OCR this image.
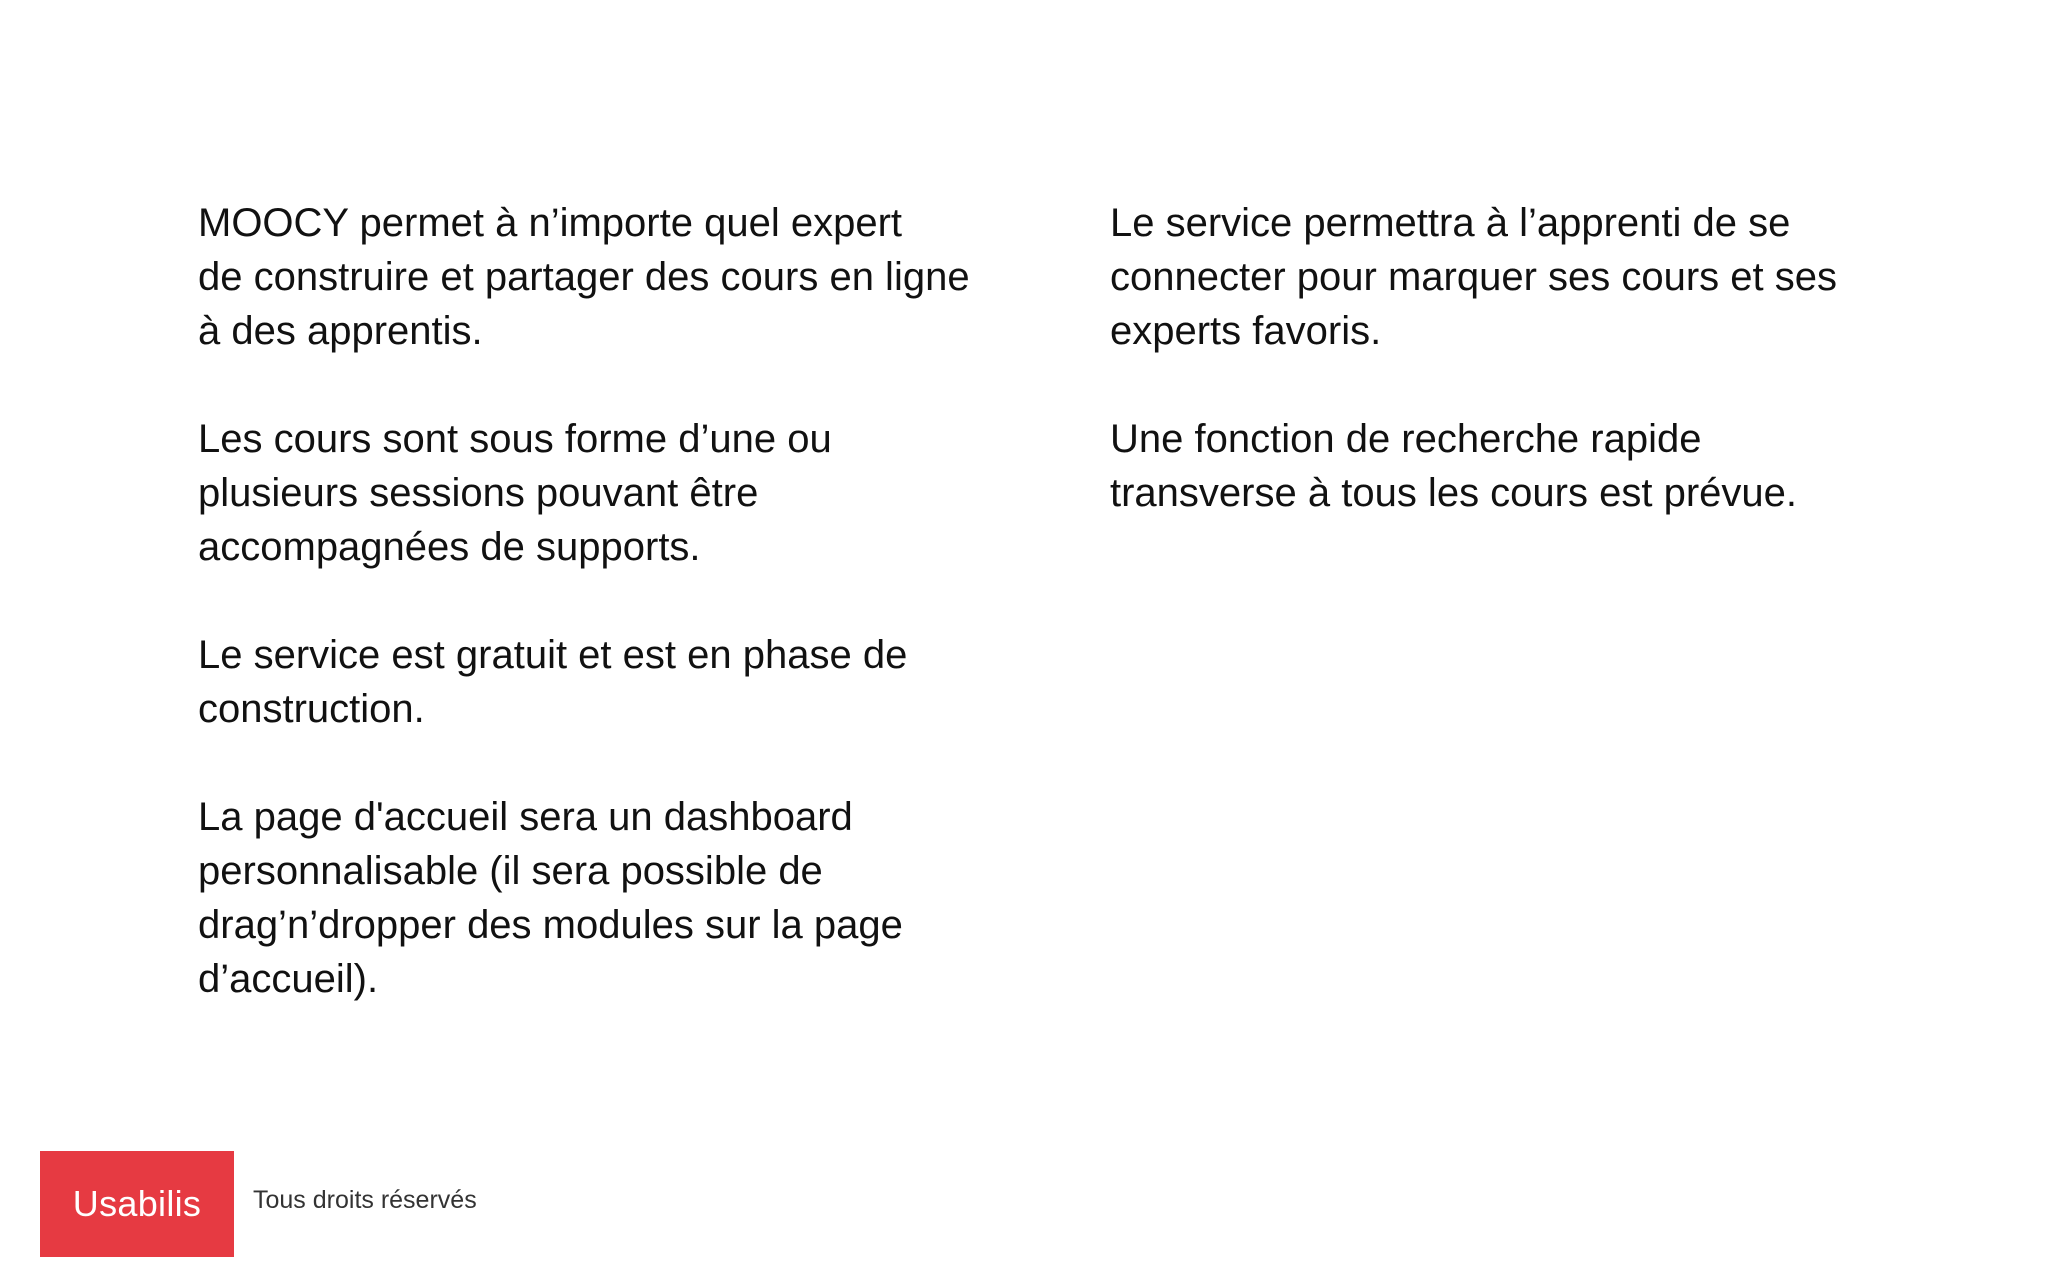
MOOCY permet à n’importe quel expert
de construire et partager des cours en ligne
à des apprentis.

Les cours sont sous forme d’une ou
plusieurs sessions pouvant être
accompagnées de supports.

Le service est gratuit et est en phase de
construction.

La page d'accueil sera un dashboard
personnalisable (il sera possible de
drag’n’dropper des modules sur la page
d’accueil).

Le service permettra à l’apprenti de se
connecter pour marquer ses cours et ses
experts favoris.

Une fonction de recherche rapide
transverse à tous les cours est prévue.

Usabilis Tous droits réservés
